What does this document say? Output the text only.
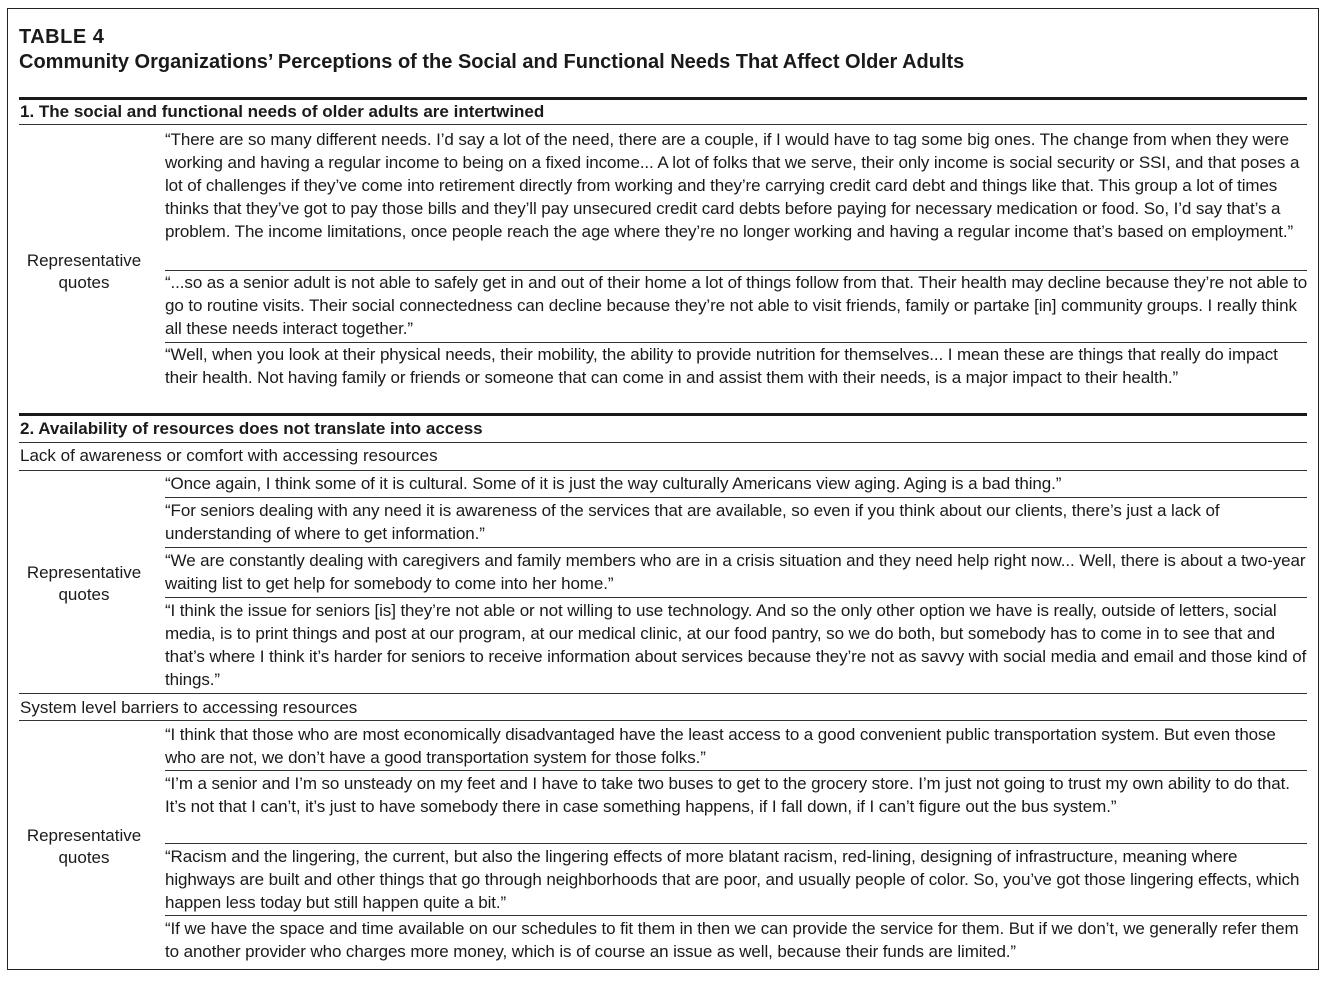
TABLE 4
Community Organizations’ Perceptions of the Social and Functional Needs That Affect Older Adults
1. The social and functional needs of older adults are intertwined
Representative
quotes
“There are so many different needs. I’d say a lot of the need, there are a couple, if I would have to tag some big ones. The change from when they were working and having a regular income to being on a fixed income... A lot of folks that we serve, their only income is social security or SSI, and that poses a lot of challenges if they’ve come into retirement directly from working and they’re carrying credit card debt and things like that. This group a lot of times thinks that they’ve got to pay those bills and they’ll pay unsecured credit card debts before paying for necessary medication or food. So, I’d say that’s a problem. The income limitations, once people reach the age where they’re no longer working and having a regular income that’s based on employment.”
“...so as a senior adult is not able to safely get in and out of their home a lot of things follow from that. Their health may decline because they’re not able to go to routine visits. Their social connectedness can decline because they’re not able to visit friends, family or partake [in] community groups. I really think all these needs interact together.”
“Well, when you look at their physical needs, their mobility, the ability to provide nutrition for themselves... I mean these are things that really do impact their health. Not having family or friends or someone that can come in and assist them with their needs, is a major impact to their health.”
2. Availability of resources does not translate into access
Lack of awareness or comfort with accessing resources
Representative
quotes
“Once again, I think some of it is cultural. Some of it is just the way culturally Americans view aging. Aging is a bad thing.”
“For seniors dealing with any need it is awareness of the services that are available, so even if you think about our clients, there’s just a lack of understanding of where to get information.”
“We are constantly dealing with caregivers and family members who are in a crisis situation and they need help right now... Well, there is about a two-year waiting list to get help for somebody to come into her home.”
“I think the issue for seniors [is] they’re not able or not willing to use technology. And so the only other option we have is really, outside of letters, social media, is to print things and post at our program, at our medical clinic, at our food pantry, so we do both, but somebody has to come in to see that and that’s where I think it’s harder for seniors to receive information about services because they’re not as savvy with social media and email and those kind of things.”
System level barriers to accessing resources
Representative
quotes
“I think that those who are most economically disadvantaged have the least access to a good convenient public transportation system. But even those who are not, we don’t have a good transportation system for those folks.”
“I’m a senior and I’m so unsteady on my feet and I have to take two buses to get to the grocery store. I’m just not going to trust my own ability to do that. It’s not that I can’t, it’s just to have somebody there in case something happens, if I fall down, if I can’t figure out the bus system.”
“Racism and the lingering, the current, but also the lingering effects of more blatant racism, red-lining, designing of infrastructure, meaning where highways are built and other things that go through neighborhoods that are poor, and usually people of color. So, you’ve got those lingering effects, which happen less today but still happen quite a bit.”
“If we have the space and time available on our schedules to fit them in then we can provide the service for them. But if we don’t, we generally refer them to another provider who charges more money, which is of course an issue as well, because their funds are limited.”
